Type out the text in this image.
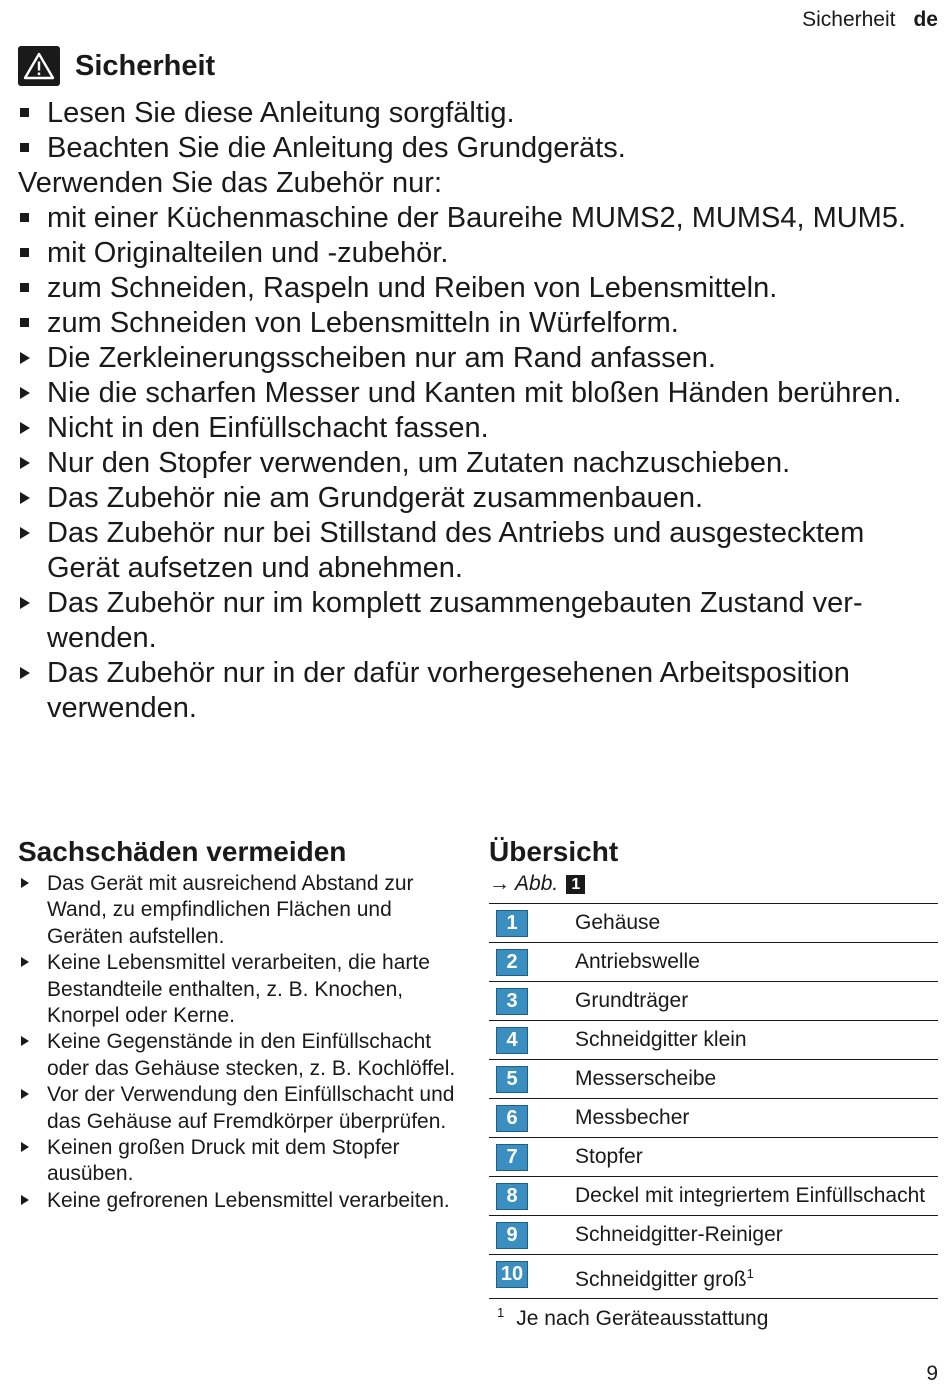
Sicherheit de
Sicherheit
Lesen Sie diese Anleitung sorgfältig.
Beachten Sie die Anleitung des Grundgeräts.
Verwenden Sie das Zubehör nur:
mit einer Küchenmaschine der Baureihe MUMS2, MUMS4, MUM5.
mit Originalteilen und -zubehör.
zum Schneiden, Raspeln und Reiben von Lebensmitteln.
zum Schneiden von Lebensmitteln in Würfelform.
Die Zerkleinerungsscheiben nur am Rand anfassen.
Nie die scharfen Messer und Kanten mit bloßen Händen berühren.
Nicht in den Einfüllschacht fassen.
Nur den Stopfer verwenden, um Zutaten nachzuschieben.
Das Zubehör nie am Grundgerät zusammenbauen.
Das Zubehör nur bei Stillstand des Antriebs und ausgestecktem Gerät aufsetzen und abnehmen.
Das Zubehör nur im komplett zusammengebauten Zustand verwenden.
Das Zubehör nur in der dafür vorhergesehenen Arbeitsposition verwenden.
Sachschäden vermeiden
Das Gerät mit ausreichend Abstand zur Wand, zu empfindlichen Flächen und Geräten aufstellen.
Keine Lebensmittel verarbeiten, die harte Bestandteile enthalten, z. B. Knochen, Knorpel oder Kerne.
Keine Gegenstände in den Einfüllschacht oder das Gehäuse stecken, z. B. Kochlöffel.
Vor der Verwendung den Einfüllschacht und das Gehäuse auf Fremdkörper überprüfen.
Keinen großen Druck mit dem Stopfer ausüben.
Keine gefrorenen Lebensmittel verarbeiten.
Übersicht
→ Abb. 1
1	Gehäuse
2	Antriebswelle
3	Grundträger
4	Schneidgitter klein
5	Messerscheibe
6	Messbecher
7	Stopfer
8	Deckel mit integriertem Einfüllschacht
9	Schneidgitter-Reiniger
10	Schneidgitter groß$^1$
$^1$ Je nach Geräteausstattung
9
